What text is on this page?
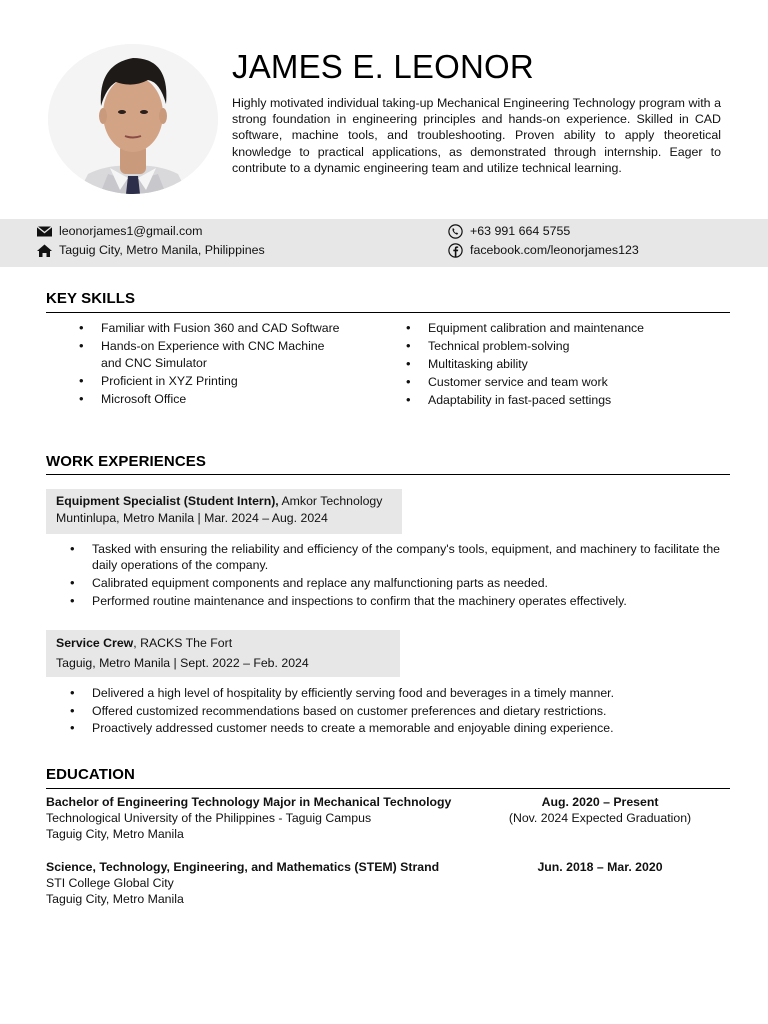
JAMES E. LEONOR

Highly motivated individual taking-up Mechanical Engineering Technology program with a strong foundation in engineering principles and hands-on experience. Skilled in CAD software, machine tools, and troubleshooting. Proven ability to apply theoretical knowledge to practical applications, as demonstrated through internship. Eager to contribute to a dynamic engineering team and utilize technical learning.

leonorjames1@gmail.com
Taguig City, Metro Manila, Philippines
+63 991 664 5755
facebook.com/leonorjames123
KEY SKILLS
• Familiar with Fusion 360 and CAD Software
• Hands-on Experience with CNC Machine and CNC Simulator
• Proficient in XYZ Printing
• Microsoft Office
• Equipment calibration and maintenance
• Technical problem-solving
• Multitasking ability
• Customer service and team work
• Adaptability in fast-paced settings
WORK EXPERIENCES
Equipment Specialist (Student Intern), Amkor Technology
Muntinlupa, Metro Manila | Mar. 2024 – Aug. 2024
• Tasked with ensuring the reliability and efficiency of the company's tools, equipment, and machinery to facilitate the daily operations of the company.
• Calibrated equipment components and replace any malfunctioning parts as needed.
• Performed routine maintenance and inspections to confirm that the machinery operates effectively.
Service Crew, RACKS The Fort
Taguig, Metro Manila | Sept. 2022 – Feb. 2024
• Delivered a high level of hospitality by efficiently serving food and beverages in a timely manner.
• Offered customized recommendations based on customer preferences and dietary restrictions.
• Proactively addressed customer needs to create a memorable and enjoyable dining experience.
EDUCATION
Bachelor of Engineering Technology Major in Mechanical Technology
Technological University of the Philippines - Taguig Campus
Taguig City, Metro Manila
Aug. 2020 – Present
(Nov. 2024 Expected Graduation)
Science, Technology, Engineering, and Mathematics (STEM) Strand
STI College Global City
Taguig City, Metro Manila
Jun. 2018 – Mar. 2020
